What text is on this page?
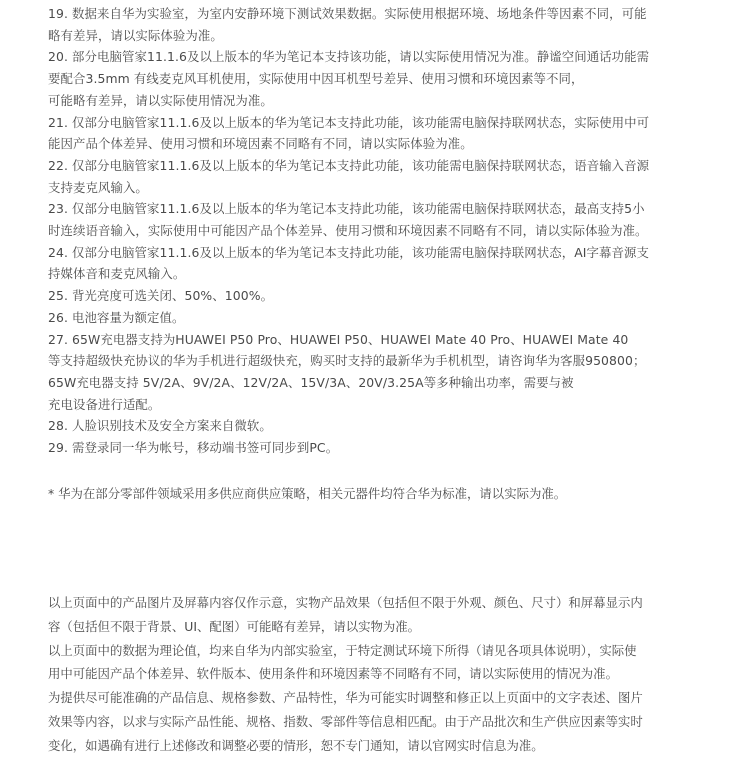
19. 数据来自华为实验室，为室内安静环境下测试效果数据。实际使用根据环境、场地条件等因素不同，可能
略有差异，请以实际体验为准。
20. 部分电脑管家11.1.6及以上版本的华为笔记本支持该功能，请以实际使用情况为准。静谧空间通话功能需
要配合3.5mm 有线麦克风耳机使用，实际使用中因耳机型号差异、使用习惯和环境因素等不同，
可能略有差异，请以实际使用情况为准。
21. 仅部分电脑管家11.1.6及以上版本的华为笔记本支持此功能，该功能需电脑保持联网状态，实际使用中可
能因产品个体差异、使用习惯和环境因素不同略有不同，请以实际体验为准。
22. 仅部分电脑管家11.1.6及以上版本的华为笔记本支持此功能，该功能需电脑保持联网状态，语音输入音源
支持麦克风输入。
23. 仅部分电脑管家11.1.6及以上版本的华为笔记本支持此功能，该功能需电脑保持联网状态，最高支持5小
时连续语音输入，实际使用中可能因产品个体差异、使用习惯和环境因素不同略有不同，请以实际体验为准。
24. 仅部分电脑管家11.1.6及以上版本的华为笔记本支持此功能，该功能需电脑保持联网状态，AI字幕音源支
持媒体音和麦克风输入。
25. 背光亮度可选关闭、50%、100%。
26. 电池容量为额定值。
27. 65W充电器支持为HUAWEI P50 Pro、HUAWEI P50、HUAWEI Mate 40 Pro、HUAWEI Mate 40
等支持超级快充协议的华为手机进行超级快充，购买时支持的最新华为手机机型，请咨询华为客服950800；
65W充电器支持 5V/2A、9V/2A、12V/2A、15V/3A、20V/3.25A等多种输出功率，需要与被
充电设备进行适配。
28. 人脸识别技术及安全方案来自微软。
29. 需登录同一华为帐号，移动端书签可同步到PC。

* 华为在部分零部件领域采用多供应商供应策略，相关元器件均符合华为标准，请以实际为准。

以上页面中的产品图片及屏幕内容仅作示意，实物产品效果（包括但不限于外观、颜色、尺寸）和屏幕显示内
容（包括但不限于背景、UI、配图）可能略有差异，请以实物为准。

以上页面中的数据为理论值，均来自华为内部实验室，于特定测试环境下所得（请见各项具体说明），实际使
用中可能因产品个体差异、软件版本、使用条件和环境因素等不同略有不同，请以实际使用的情况为准。

为提供尽可能准确的产品信息、规格参数、产品特性，华为可能实时调整和修正以上页面中的文字表述、图片
效果等内容，以求与实际产品性能、规格、指数、零部件等信息相匹配。由于产品批次和生产供应因素等实时
变化，如遇确有进行上述修改和调整必要的情形，恕不专门通知，请以官网实时信息为准。
